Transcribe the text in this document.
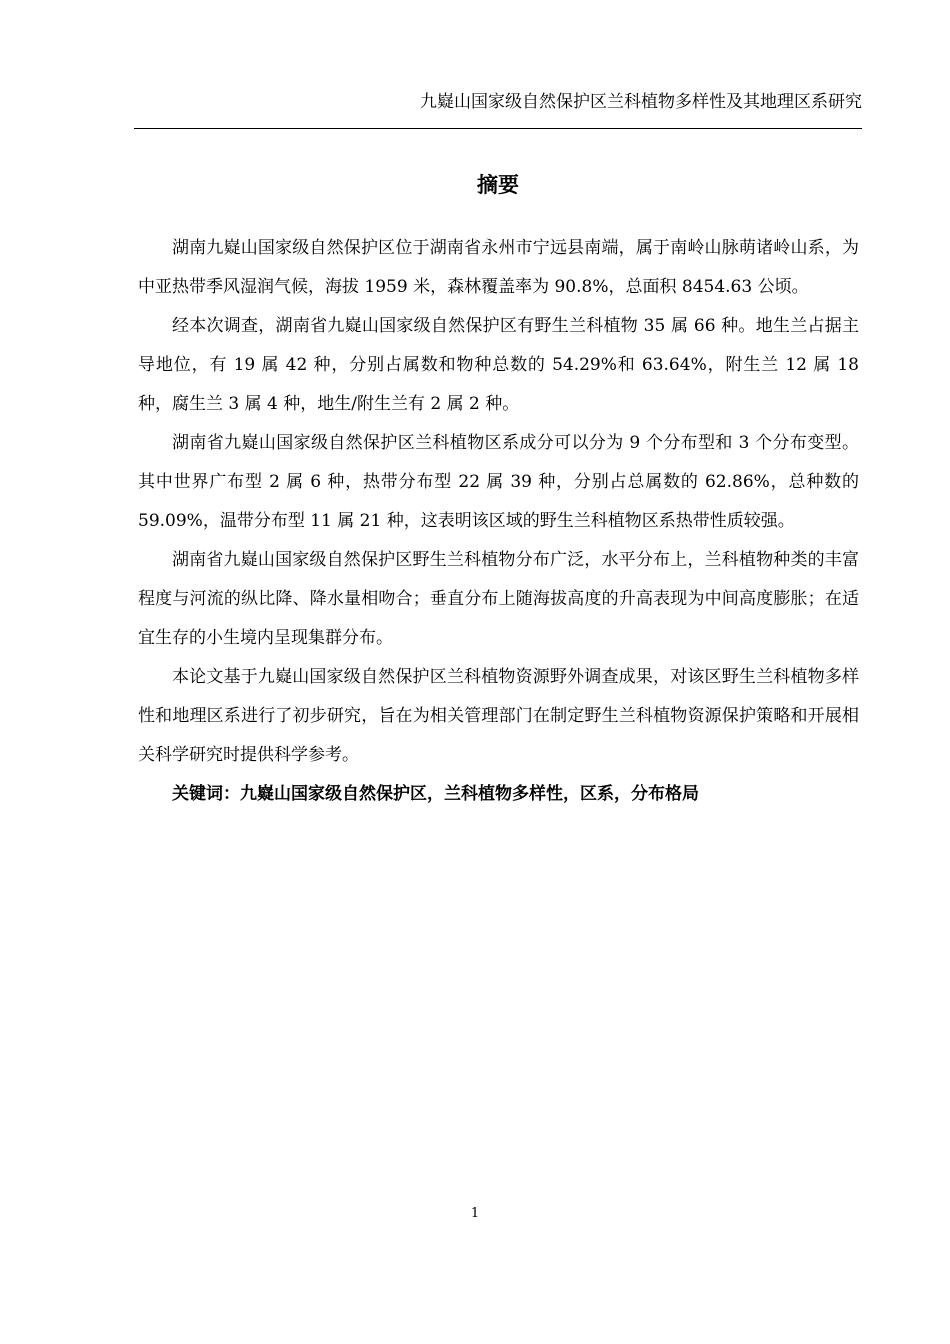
九嶷山国家级自然保护区兰科植物多样性及其地理区系研究
摘要

湖南九嶷山国家级自然保护区位于湖南省永州市宁远县南端，属于南岭山脉萌诸岭山系，为中亚热带季风湿润气候，海拔 1959 米，森林覆盖率为 90.8%，总面积 8454.63 公顷。

经本次调查，湖南省九嶷山国家级自然保护区有野生兰科植物 35 属 66 种。地生兰占据主导地位，有 19 属 42 种，分别占属数和物种总数的 54.29%和 63.64%，附生兰 12 属 18 种，腐生兰 3 属 4 种，地生/附生兰有 2 属 2 种。

湖南省九嶷山国家级自然保护区兰科植物区系成分可以分为 9 个分布型和 3 个分布变型。其中世界广布型 2 属 6 种，热带分布型 22 属 39 种，分别占总属数的 62.86%，总种数的 59.09%，温带分布型 11 属 21 种，这表明该区域的野生兰科植物区系热带性质较强。

湖南省九嶷山国家级自然保护区野生兰科植物分布广泛，水平分布上，兰科植物种类的丰富程度与河流的纵比降、降水量相吻合；垂直分布上随海拔高度的升高表现为中间高度膨胀；在适宜生存的小生境内呈现集群分布。

本论文基于九嶷山国家级自然保护区兰科植物资源野外调查成果，对该区野生兰科植物多样性和地理区系进行了初步研究，旨在为相关管理部门在制定野生兰科植物资源保护策略和开展相关科学研究时提供科学参考。

关键词：九嶷山国家级自然保护区，兰科植物多样性，区系，分布格局

1
